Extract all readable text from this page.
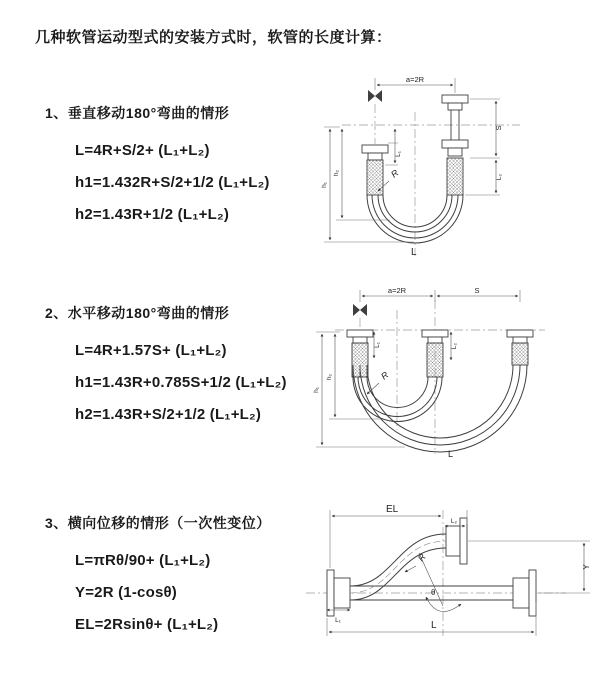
几种软管运动型式的安装方式时，软管的长度计算：
1、垂直移动180°弯曲的情形
L=4R+S/2+ (L₁+L₂)
h1=1.432R+S/2+1/2 (L₁+L₂)
h2=1.43R+1/2 (L₁+L₂)
2、水平移动180°弯曲的情形
L=4R+1.57S+ (L₁+L₂)
h1=1.43R+0.785S+1/2 (L₁+L₂)
h2=1.43R+S/2+1/2 (L₁+L₂)
3、横向位移的情形（一次性变位）
L=πRθ/90+ (L₁+L₂)
Y=2R (1-cosθ)
EL=2Rsinθ+ (L₁+L₂)
a=2R
L₁
S
L₂
h₁
h₂	R
L
a=2R	S
L₁	L₂
h₁
h₂	R
L
EL
L₂
Y
R
θ
L
L₁
